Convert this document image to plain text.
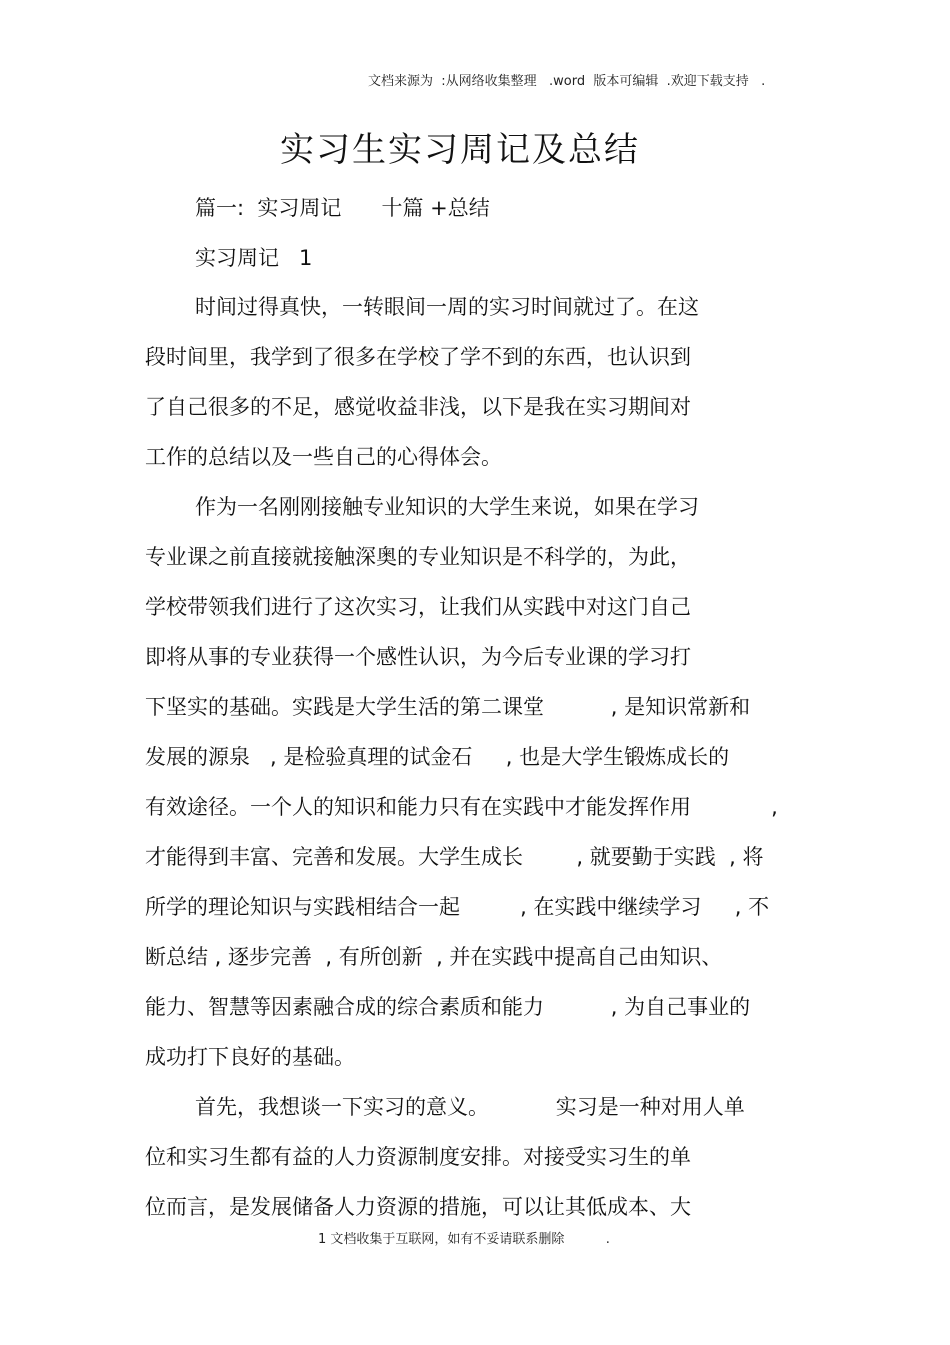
文档来源为  :从网络收集整理   .word  版本可编辑  .欢迎下载支持   .
实习生实习周记及总结
篇一:  实习周记      十篇 +总结
实习周记   1
时间过得真快，一转眼间一周的实习时间就过了。在这
段时间里，我学到了很多在学校了学不到的东西，也认识到
了自己很多的不足，感觉收益非浅，以下是我在实习期间对
工作的总结以及一些自己的心得体会。
作为一名刚刚接触专业知识的大学生来说，如果在学习
专业课之前直接就接触深奥的专业知识是不科学的，为此，
学校带领我们进行了这次实习，让我们从实践中对这门自己
即将从事的专业获得一个感性认识，为今后专业课的学习打
下坚实的基础。实践是大学生活的第二课堂          , 是知识常新和
发展的源泉   , 是检验真理的试金石     , 也是大学生锻炼成长的
有效途径。一个人的知识和能力只有在实践中才能发挥作用            ,
才能得到丰富、完善和发展。大学生成长        , 就要勤于实践  , 将
所学的理论知识与实践相结合一起         , 在实践中继续学习     , 不
断总结 , 逐步完善  , 有所创新  , 并在实践中提高自己由知识、
能力、智慧等因素融合成的综合素质和能力          , 为自己事业的
成功打下良好的基础。
首先，我想谈一下实习的意义。          实习是一种对用人单
位和实习生都有益的人力资源制度安排。对接受实习生的单
位而言，是发展储备人力资源的措施，可以让其低成本、大
1 文档收集于互联网，如有不妥请联系删除          .
